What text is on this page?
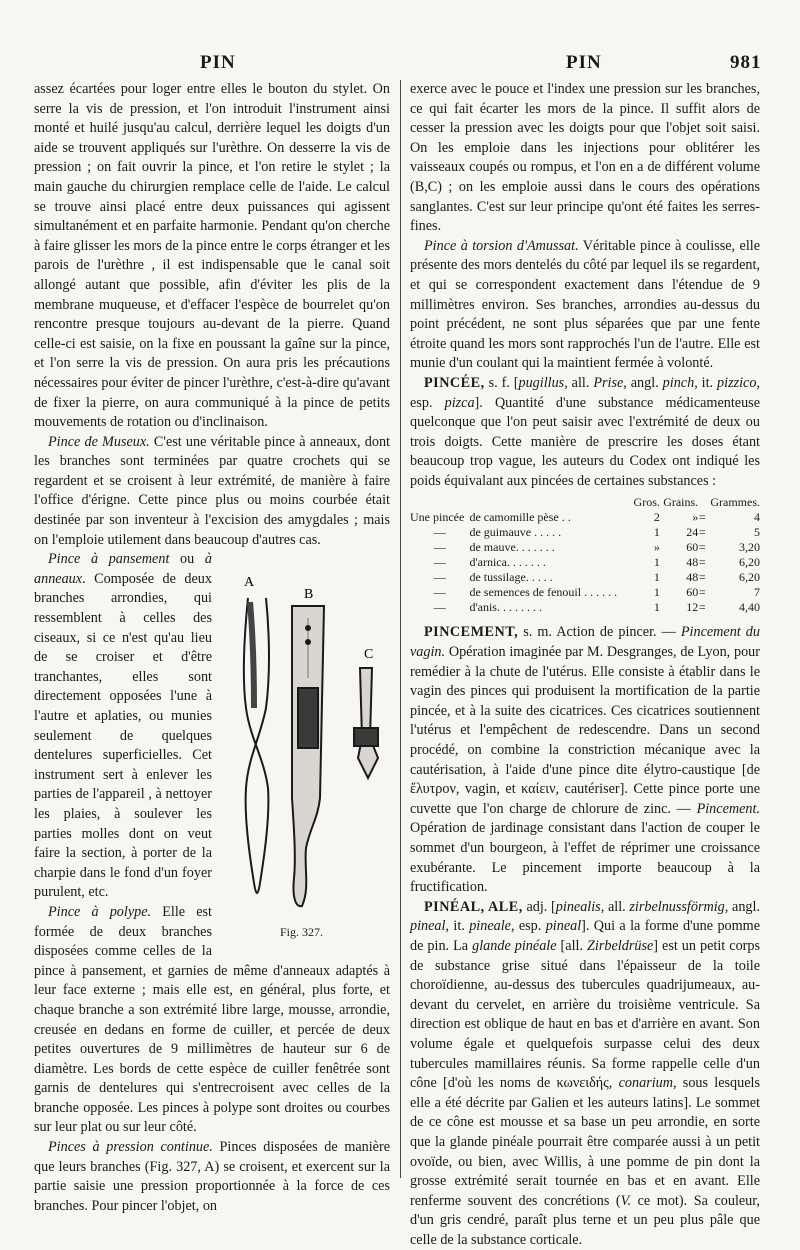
PIN	PIN	981

assez écartées pour loger entre elles le bouton du stylet. On serre la vis de pression, et l'on introduit l'instrument ainsi monté et huilé jusqu'au calcul, derrière lequel les doigts d'un aide se trouvent appliqués sur l'urèthre. On desserre la vis de pression ; on fait ouvrir la pince, et l'on retire le stylet ; la main gauche du chirurgien remplace celle de l'aide. Le calcul se trouve ainsi placé entre deux puissances qui agissent simultanément et en parfaite harmonie. Pendant qu'on cherche à faire glisser les mors de la pince entre le corps étranger et les parois de l'urèthre , il est indispensable que le canal soit allongé autant que possible, afin d'éviter les plis de la membrane muqueuse, et d'effacer l'espèce de bourrelet qu'on rencontre presque toujours au-devant de la pierre. Quand celle-ci est saisie, on la fixe en poussant la gaîne sur la pince, et l'on serre la vis de pression. On aura pris les précautions nécessaires pour éviter de pincer l'urèthre, c'est-à-dire qu'avant de fixer la pierre, on aura communiqué à la pince de petits mouvements de rotation ou d'inclinaison.

Pince de Museux. C'est une véritable pince à anneaux, dont les branches sont terminées par quatre crochets qui se regardent et se croisent à leur extrémité, de manière à faire l'office d'érigne. Cette pince plus ou moins courbée était destinée par son inventeur à l'excision des amygdales ; mais on l'emploie utilement dans beaucoup d'autres cas.

A
B
C
Fig. 327.

Pince à pansement ou à anneaux. Composée de deux branches arrondies, qui ressemblent à celles des ciseaux, si ce n'est qu'au lieu de se croiser et d'être tranchantes, elles sont directement opposées l'une à l'autre et aplaties, ou munies seulement de quelques dentelures superficielles. Cet instrument sert à enlever les parties de l'appareil , à nettoyer les plaies, à soulever les parties molles dont on veut faire la section, à porter de la charpie dans le fond d'un foyer purulent, etc.

Pince à polype. Elle est formée de deux branches disposées comme celles de la pince à pansement, et garnies de même d'anneaux adaptés à leur face externe ; mais elle est, en général, plus forte, et chaque branche a son extrémité libre large, mousse, arrondie, creusée en dedans en forme de cuiller, et percée de deux petites ouvertures de 9 millimètres de hauteur sur 6 de diamètre. Les bords de cette espèce de cuiller fenêtrée sont garnis de dentelures qui s'entrecroisent avec celles de la branche opposée. Les pinces à polype sont droites ou courbes sur leur plat ou sur leur côté.

Pinces à pression continue. Pinces disposées de manière que leurs branches (Fig. 327, A) se croisent, et exercent sur la partie saisie une pression proportionnée à la force de ces branches. Pour pincer l'objet, on

exerce avec le pouce et l'index une pression sur les branches, ce qui fait écarter les mors de la pince. Il suffit alors de cesser la pression avec les doigts pour que l'objet soit saisi. On les emploie dans les injections pour oblitérer les vaisseaux coupés ou rompus, et l'on en a de différent volume (B,C) ; on les emploie aussi dans le cours des opérations sanglantes. C'est sur leur principe qu'ont été faites les serres-fines.

Pince à torsion d'Amussat. Véritable pince à coulisse, elle présente des mors dentelés du côté par lequel ils se regardent, et qui se correspondent exactement dans l'étendue de 9 millimètres environ. Ses branches, arrondies au-dessus du point précédent, ne sont plus séparées que par une fente étroite quand les mors sont rapprochés l'un de l'autre. Elle est munie d'un coulant qui la maintient fermée à volonté.

PINCÉE, s. f. [pugillus, all. Prise, angl. pinch, it. pizzico, esp. pizca]. Quantité d'une substance médicamenteuse quelconque que l'on peut saisir avec l'extrémité de deux ou trois doigts. Cette manière de prescrire les doses étant beaucoup trop vague, les auteurs du Codex ont indiqué les poids équivalant aux pincées de certaines substances :

		Gros.	Grains.		Grammes.
Une pincée	de camomille pèse . .	2	»	=	4
—	de guimauve . . . . .	1	24	=	5
—	de mauve. . . . . . .	»	60	=	3,20
—	d'arnica. . . . . . .	1	48	=	6,20
—	de tussilage. . . . .	1	48	=	6,20
—	de semences de fenouil . . . . . .	1	60	=	7
—	d'anis. . . . . . . .	1	12	=	4,40

PINCEMENT, s. m. Action de pincer. — Pincement du vagin. Opération imaginée par M. Desgranges, de Lyon, pour remédier à la chute de l'utérus. Elle consiste à établir dans le vagin des pinces qui produisent la mortification de la partie pincée, et à la suite des cicatrices. Ces cicatrices soutiennent l'utérus et l'empêchent de redescendre. Dans un second procédé, on combine la constriction mécanique avec la cautérisation, à l'aide d'une pince dite élytro-caustique [de ἔλυτρον, vagin, et καίειν, cautériser]. Cette pince porte une cuvette que l'on charge de chlorure de zinc. — Pincement. Opération de jardinage consistant dans l'action de couper le sommet d'un bourgeon, à l'effet de réprimer une croissance exubérante. Le pincement importe beaucoup à la fructification.

PINÉAL, ALE, adj. [pinealis, all. zirbelnussförmig, angl. pineal, it. pineale, esp. pineal]. Qui a la forme d'une pomme de pin. La glande pinéale [all. Zirbeldrüse] est un petit corps de substance grise situé dans l'épaisseur de la toile choroïdienne, au-dessus des tubercules quadrijumeaux, au-devant du cervelet, en arrière du troisième ventricule. Sa direction est oblique de haut en bas et d'arrière en avant. Son volume égale et quelquefois surpasse celui des deux tubercules mamillaires réunis. Sa forme rappelle celle d'un cône [d'où les noms de κωνειδής, conarium, sous lesquels elle a été décrite par Galien et les auteurs latins]. Le sommet de ce cône est mousse et sa base un peu arrondie, en sorte que la glande pinéale pourrait être comparée aussi à un petit ovoïde, ou bien, avec Willis, à une pomme de pin dont la grosse extrémité serait tournée en bas et en avant. Elle renferme souvent des concrétions (V. ce mot). Sa couleur, d'un gris cendré, paraît plus terne et un peu plus pâle que celle de la substance corticale.
